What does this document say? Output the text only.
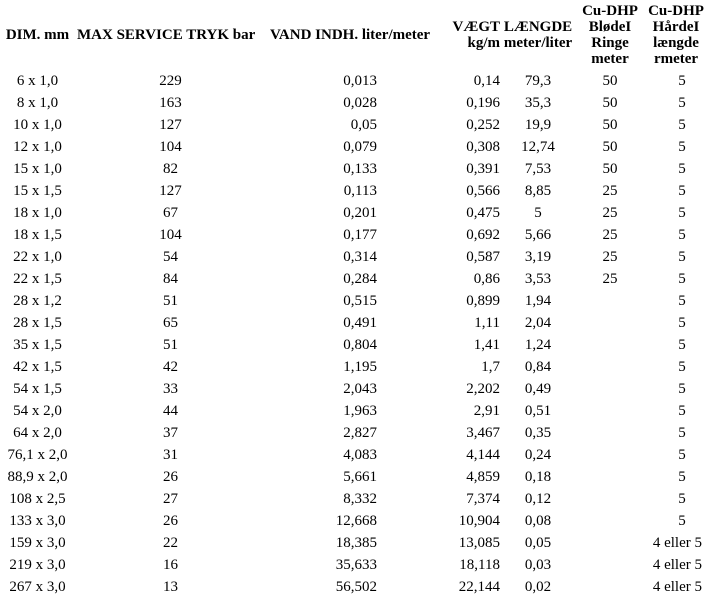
DIM. mm	MAX SERVICE TRYK bar	VAND INDH. liter/meter	VÆGT kg/m	LÆNGDE meter/liter	Cu-DHP BlødeI Ringe meter	Cu-DHP HårdeI længde rmeter
6 x 1,0	229	0,013	0,14	79,3	50	5
8 x 1,0	163	0,028	0,196	35,3	50	5
10 x 1,0	127	0,05	0,252	19,9	50	5
12 x 1,0	104	0,079	0,308	12,74	50	5
15 x 1,0	82	0,133	0,391	7,53	50	5
15 x 1,5	127	0,113	0,566	8,85	25	5
18 x 1,0	67	0,201	0,475	5	25	5
18 x 1,5	104	0,177	0,692	5,66	25	5
22 x 1,0	54	0,314	0,587	3,19	25	5
22 x 1,5	84	0,284	0,86	3,53	25	5
28 x 1,2	51	0,515	0,899	1,94		5
28 x 1,5	65	0,491	1,11	2,04		5
35 x 1,5	51	0,804	1,41	1,24		5
42 x 1,5	42	1,195	1,7	0,84		5
54 x 1,5	33	2,043	2,202	0,49		5
54 x 2,0	44	1,963	2,91	0,51		5
64 x 2,0	37	2,827	3,467	0,35		5
76,1 x 2,0	31	4,083	4,144	0,24		5
88,9 x 2,0	26	5,661	4,859	0,18		5
108 x 2,5	27	8,332	7,374	0,12		5
133 x 3,0	26	12,668	10,904	0,08		5
159 x 3,0	22	18,385	13,085	0,05		4 eller 5
219 x 3,0	16	35,633	18,118	0,03		4 eller 5
267 x 3,0	13	56,502	22,144	0,02		4 eller 5
